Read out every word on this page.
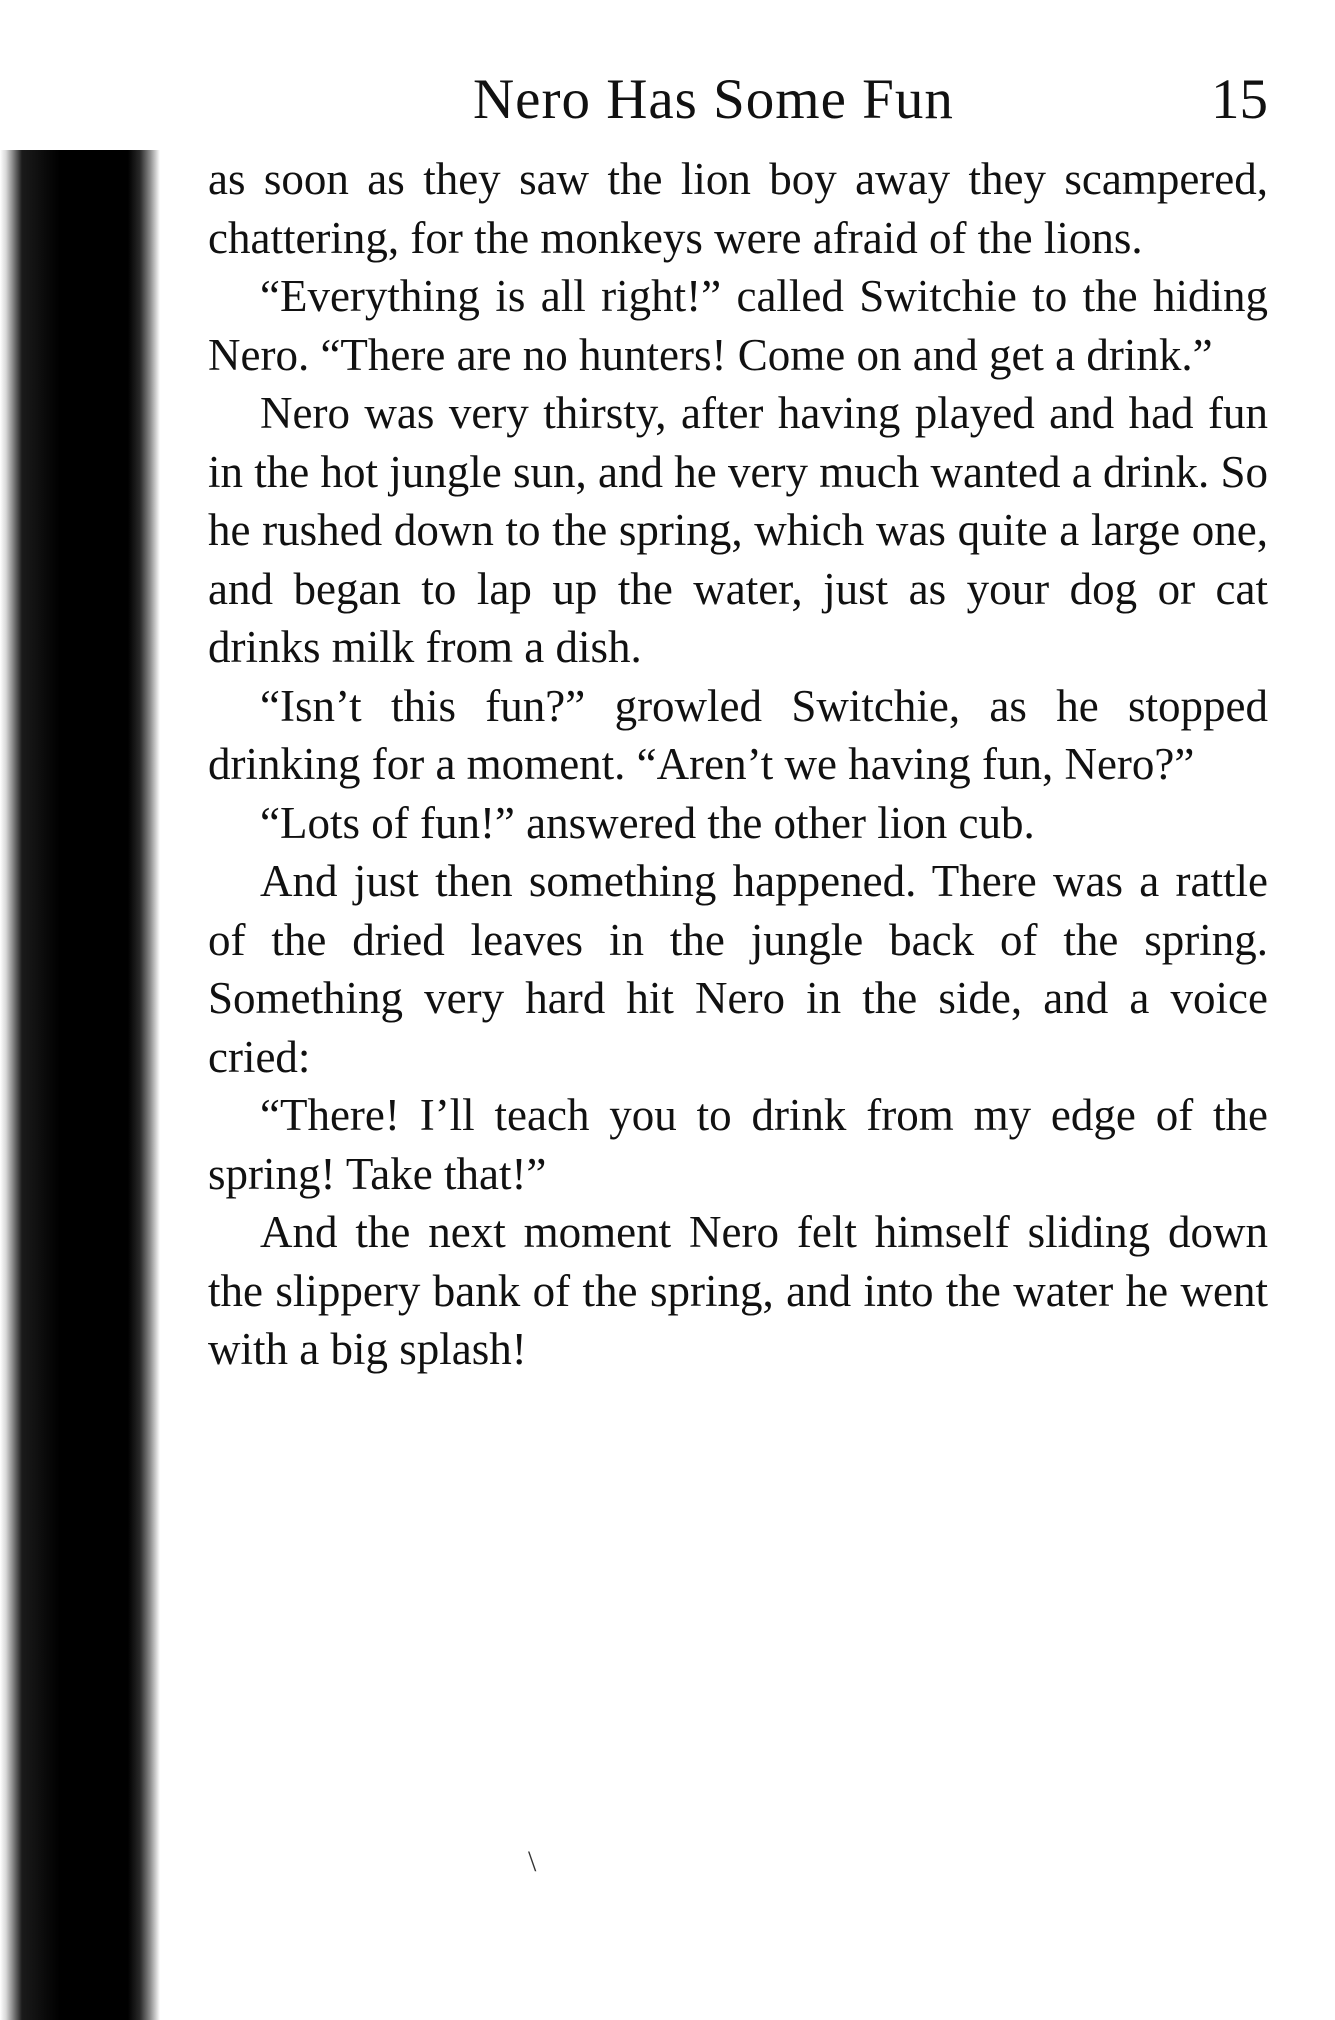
Nero Has Some Fun	15

as soon as they saw the lion boy away they scampered, chattering, for the monkeys were afraid of the lions.

“Everything is all right!” called Switchie to the hiding Nero. “There are no hunters! Come on and get a drink.”

Nero was very thirsty, after having played and had fun in the hot jungle sun, and he very much wanted a drink. So he rushed down to the spring, which was quite a large one, and began to lap up the water, just as your dog or cat drinks milk from a dish.

“Isn’t this fun?” growled Switchie, as he stopped drinking for a moment. “Aren’t we having fun, Nero?”

“Lots of fun!” answered the other lion cub.

And just then something happened. There was a rattle of the dried leaves in the jungle back of the spring. Something very hard hit Nero in the side, and a voice cried:

“There! I’ll teach you to drink from my edge of the spring! Take that!”

And the next moment Nero felt himself sliding down the slippery bank of the spring, and into the water he went with a big splash!

\
